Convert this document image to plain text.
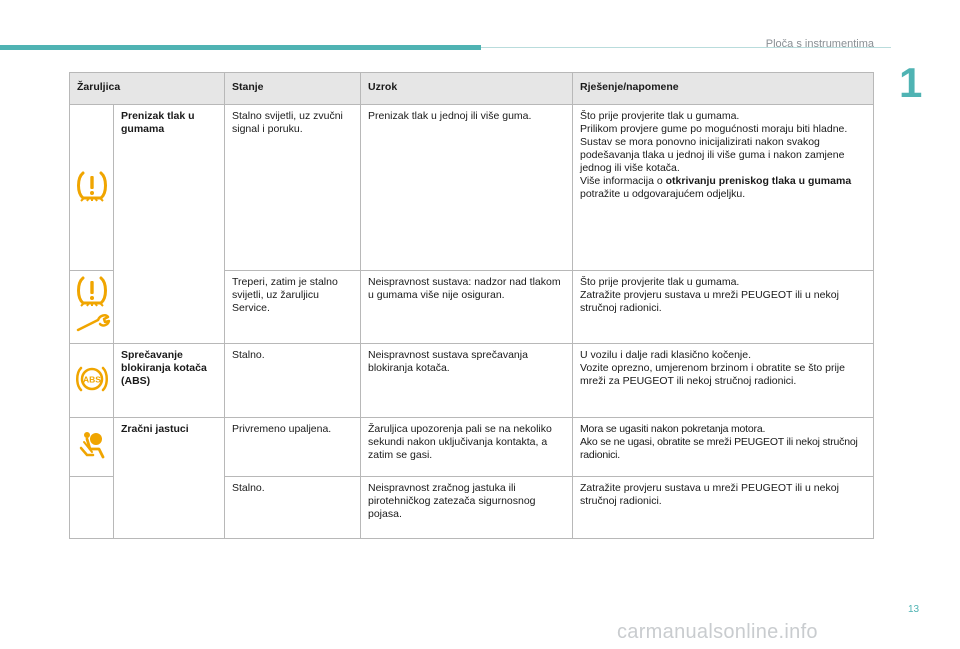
Ploča s instrumentima
1
Žaruljica		Stanje	Uzrok	Rješenje/napomene
	Prenizak tlak u gumama	Stalno svijetli, uz zvučni signal i poruku.	Prenizak tlak u jednoj ili više guma.	Što prije provjerite tlak u gumama.
Prilikom provjere gume po mogućnosti moraju biti hladne.
Sustav se mora ponovno inicijalizirati nakon svakog podešavanja tlaka u jednoj ili više guma i nakon zamjene jednog ili više kotača.
Više informacija o otkrivanju preniskog tlaka u gumama potražite u odgovarajućem odjeljku.

	Treperi, zatim je stalno svijetli, uz žaruljicu Service.	Neispravnost sustava: nadzor nad tlakom u gumama više nije osiguran.	Što prije provjerite tlak u gumama.
Zatražite provjeru sustava u mreži PEUGEOT ili u nekoj stručnoj radionici.

ABS	Sprečavanje blokiranja kotača (ABS)	Stalno.	Neispravnost sustava sprečavanja blokiranja kotača.	U vozilu i dalje radi klasično kočenje.
Vozite oprezno, umjerenom brzinom i obratite se što prije mreži za PEUGEOT ili nekoj stručnoj radionici.

	Zračni jastuci	Privremeno upaljena.	Žaruljica upozorenja pali se na nekoliko sekundi nakon uključivanja kontakta, a zatim se gasi.	Mora se ugasiti nakon pokretanja motora.
Ako se ne ugasi, obratite se mreži PEUGEOT ili nekoj stručnoj radionici.

		Stalno.	Neispravnost zračnog jastuka ili pirotehničkog zatezača sigurnosnog pojasa.	Zatražite provjeru sustava u mreži PEUGEOT ili u nekoj stručnoj radionici.
13
carmanualsonline.info
